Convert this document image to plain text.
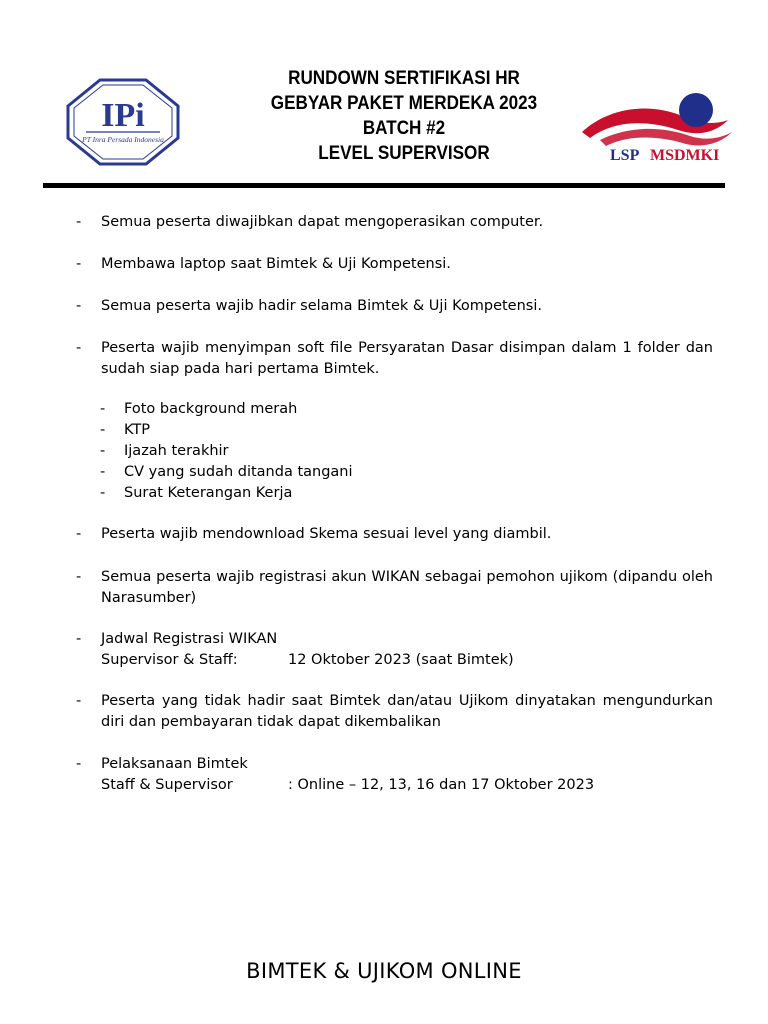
IPi
PT Inra Persada Indonesia
RUNDOWN SERTIFIKASI HR
GEBYAR PAKET MERDEKA 2023
BATCH #2
LEVEL SUPERVISOR	LSP MSDMKI
-	Semua peserta diwajibkan dapat mengoperasikan computer.
-	Membawa laptop saat Bimtek & Uji Kompetensi.
-	Semua peserta wajib hadir selama Bimtek & Uji Kompetensi.
-	Peserta wajib menyimpan soft file Persyaratan Dasar disimpan dalam 1 folder dan sudah siap pada hari pertama Bimtek.
-	Foto background merah
-	KTP
-	Ijazah terakhir
-	CV yang sudah ditanda tangani
-	Surat Keterangan Kerja
-	Peserta wajib mendownload Skema sesuai level yang diambil.
-	Semua peserta wajib registrasi akun WIKAN sebagai pemohon ujikom (dipandu oleh Narasumber)
-	Jadwal Registrasi WIKAN
Supervisor & Staff:	12 Oktober 2023 (saat Bimtek)
-	Peserta yang tidak hadir saat Bimtek dan/atau Ujikom dinyatakan mengundurkan diri dan pembayaran tidak dapat dikembalikan
-	Pelaksanaan Bimtek
Staff & Supervisor	: Online – 12, 13, 16 dan 17 Oktober 2023
BIMTEK & UJIKOM ONLINE
